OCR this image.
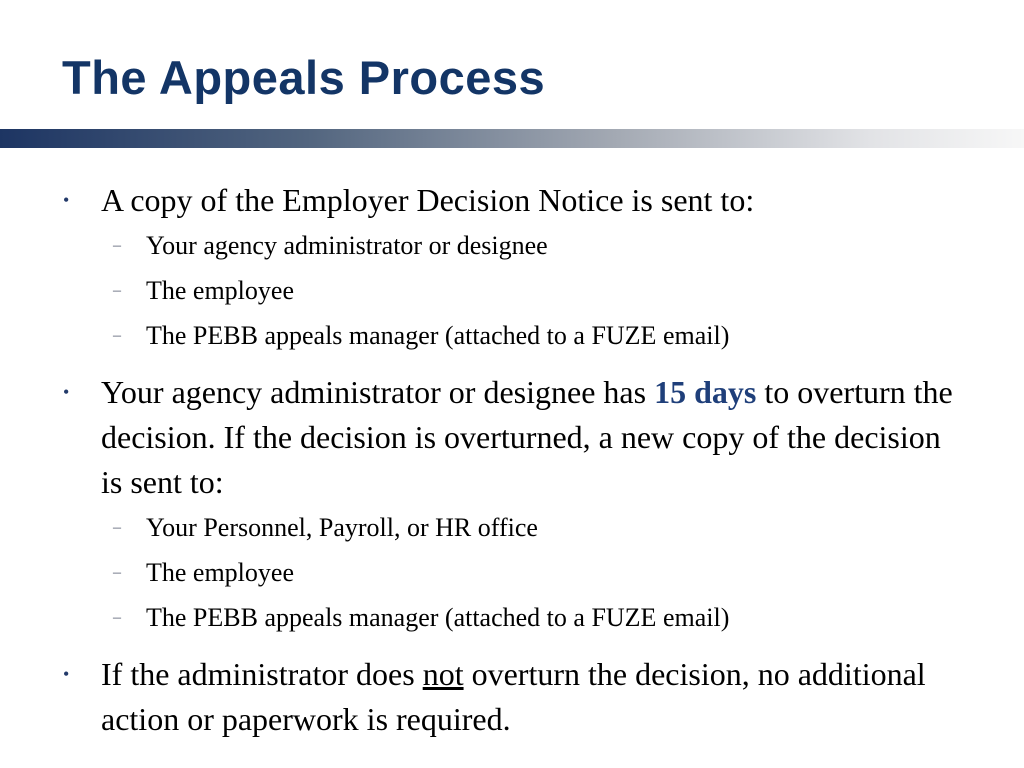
The Appeals Process
• A copy of the Employer Decision Notice is sent to:
– Your agency administrator or designee
– The employee
– The PEBB appeals manager (attached to a FUZE email)
• Your agency administrator or designee has 15 days to overturn the decision. If the decision is overturned, a new copy of the decision is sent to:
– Your Personnel, Payroll, or HR office
– The employee
– The PEBB appeals manager (attached to a FUZE email)
• If the administrator does not overturn the decision, no additional action or paperwork is required.
